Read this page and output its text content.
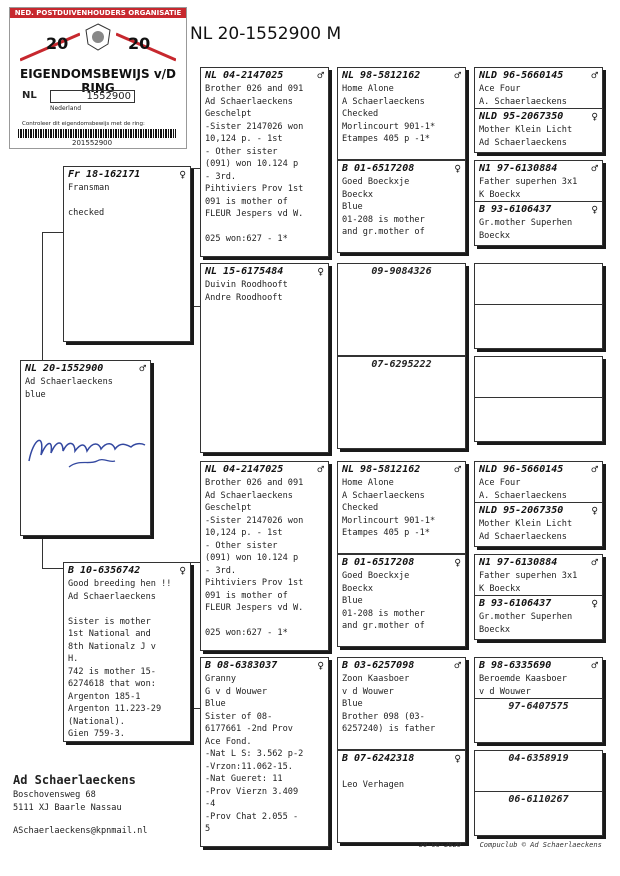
NED. POSTDUIVENHOUDERS ORGANISATIE
20	20
EIGENDOMSBEWIJS v/D RING
NL	1552900
Nederland
Controleer dit eigendomsbewijs met de ring:
201552900
NL 20-1552900 M
NL 20-1552900	♂
Ad Schaerlaeckens
blue
Fr 18-162171	♀
Fransman

checked
B 10-6356742	♀
Good breeding hen !!
Ad Schaerlaeckens

Sister is mother
1st National and
8th Nationalz J v
H.
742 is mother 15-
6274618 that won:
Argenton 185-1
Argenton 11.223-29
(National).
Gien 759-3.
NL 04-2147025	♂
Brother 026 and 091
Ad Schaerlaeckens
Geschelpt
-Sister 2147026 won
10,124 p. - 1st
- Other sister
(091) won 10.124 p
- 3rd.
Pihtiviers Prov 1st
091 is mother of
FLEUR Jespers vd W.

025 won:627 - 1*
NL 15-6175484	♀
Duivin Roodhooft
Andre Roodhooft
NL 04-2147025	♂
Brother 026 and 091
Ad Schaerlaeckens
Geschelpt
-Sister 2147026 won
10,124 p. - 1st
- Other sister
(091) won 10.124 p
- 3rd.
Pihtiviers Prov 1st
091 is mother of
FLEUR Jespers vd W.

025 won:627 - 1*
B 08-6383037	♀
Granny
G v d Wouwer
Blue
Sister of 08-
6177661 -2nd Prov
Ace Fond.
-Nat L S: 3.562 p-2
-Vrzon:11.062-15.
-Nat Gueret: 11
-Prov Vierzn 3.409
-4
-Prov Chat 2.055 -
5
NL 98-5812162	♂
Home Alone
A Schaerlaeckens
Checked
Morlincourt 901-1*
Etampes 405 p -1*
B 01-6517208	♀
Goed Boeckxje
Boeckx
Blue
01-208 is mother
and gr.mother of
09-9084326
07-6295222
NL 98-5812162	♂
Home Alone
A Schaerlaeckens
Checked
Morlincourt 901-1*
Etampes 405 p -1*
B 01-6517208	♀
Goed Boeckxje
Boeckx
Blue
01-208 is mother
and gr.mother of
B 03-6257098	♂
Zoon Kaasboer
v d Wouwer
Blue
Brother 098 (03-
6257240) is father
B 07-6242318	♀

Leo Verhagen
NLD 96-5660145	♂
Ace Four
A. Schaerlaeckens
NLD 95-2067350	♀
Mother Klein Licht
Ad Schaerlaeckens
N1 97-6130884	♂
Father superhen 3x1
K Boeckx
B 93-6106437	♀
Gr.mother Superhen
Boeckx
NLD 96-5660145	♂
Ace Four
A. Schaerlaeckens
NLD 95-2067350	♀
Mother Klein Licht
Ad Schaerlaeckens
N1 97-6130884	♂
Father superhen 3x1
K Boeckx
B 93-6106437	♀
Gr.mother Superhen
Boeckx
B 98-6335690	♂
Beroemde Kaasboer
v d Wouwer
97-6407575
04-6358919
06-6110267
Ad Schaerlaeckens
Boschovensweg 68
5111 XJ Baarle Nassau
ASchaerlaeckens@kpnmail.nl
30-06-2020	Compuclub © Ad Schaerlaeckens
